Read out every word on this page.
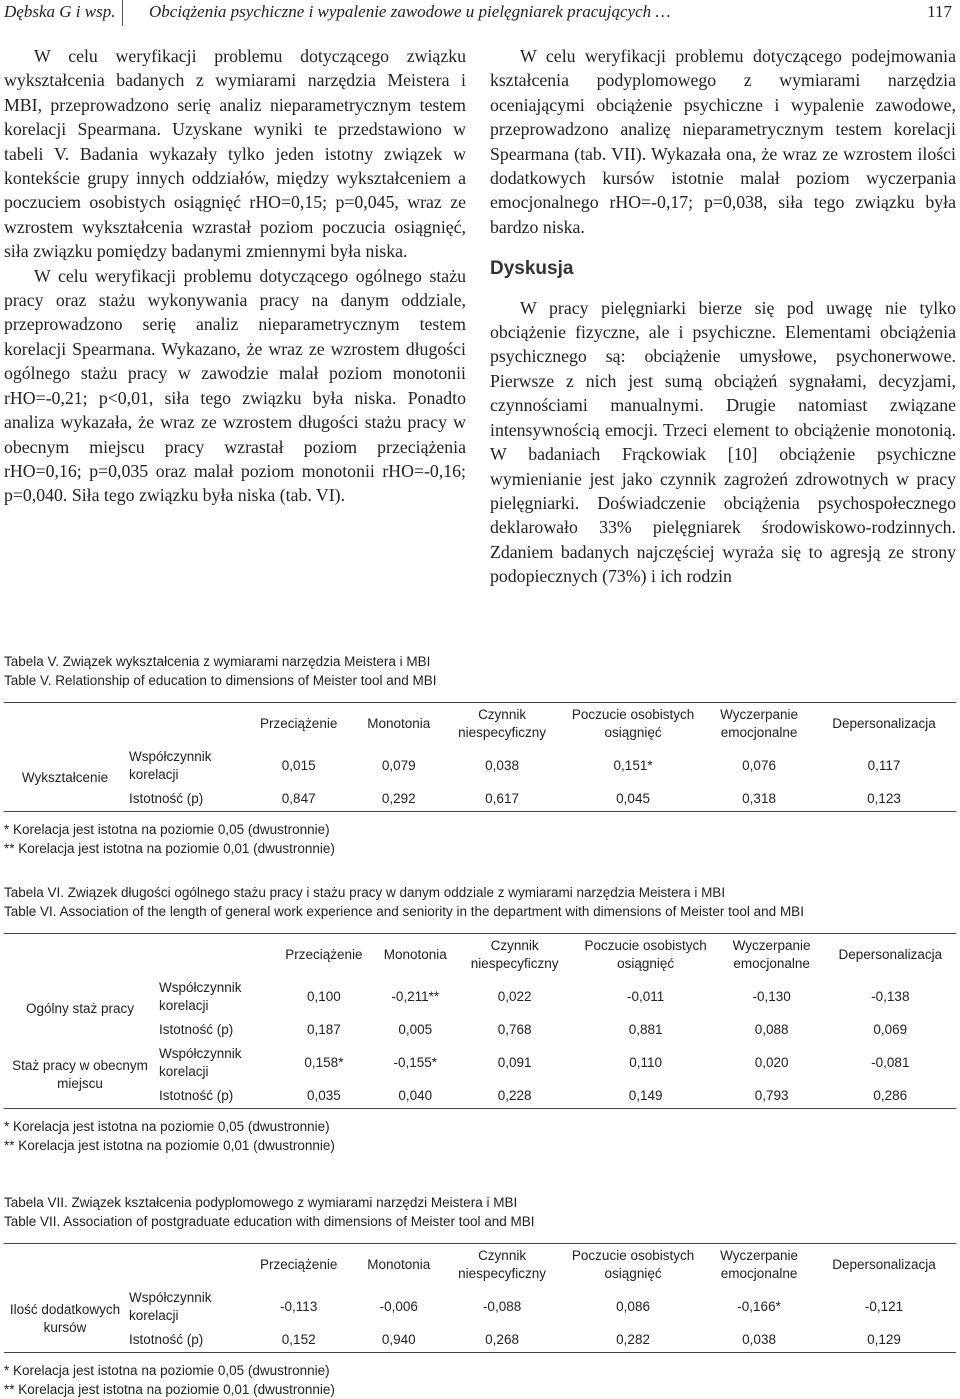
Dębska G i wsp. Obciążenia psychiczne i wypalenie zawodowe u pielęgniarek pracujących …	117

W celu weryfikacji problemu dotyczącego związku wykształcenia badanych z wymiarami narzędzia Meistera i MBI, przeprowadzono serię analiz nieparametrycznym testem korelacji Spearmana. Uzyskane wyniki te przedstawiono w tabeli V. Badania wykazały tylko jeden istotny związek w kontekście grupy innych oddziałów, między wykształceniem a poczuciem osobistych osiągnięć rHO=0,15; p=0,045, wraz ze wzrostem wykształcenia wzrastał poziom poczucia osiągnięć, siła związku pomiędzy badanymi zmiennymi była niska.

W celu weryfikacji problemu dotyczącego ogólnego stażu pracy oraz stażu wykonywania pracy na danym oddziale, przeprowadzono serię analiz nieparametrycznym testem korelacji Spearmana. Wykazano, że wraz ze wzrostem długości ogólnego stażu pracy w zawodzie malał poziom monotonii rHO=-0,21; p<0,01, siła tego związku była niska. Ponadto analiza wykazała, że wraz ze wzrostem długości stażu pracy w obecnym miejscu pracy wzrastał poziom przeciążenia rHO=0,16; p=0,035 oraz malał poziom monotonii rHO=-0,16; p=0,040. Siła tego związku była niska (tab. VI).

W celu weryfikacji problemu dotyczącego podejmowania kształcenia podyplomowego z wymiarami narzędzia oceniającymi obciążenie psychiczne i wypalenie zawodowe, przeprowadzono analizę nieparametrycznym testem korelacji Spearmana (tab. VII). Wykazała ona, że wraz ze wzrostem ilości dodatkowych kursów istotnie malał poziom wyczerpania emocjonalnego rHO=-0,17; p=0,038, siła tego związku była bardzo niska.

Dyskusja

W pracy pielęgniarki bierze się pod uwagę nie tylko obciążenie fizyczne, ale i psychiczne. Elementami obciążenia psychicznego są: obciążenie umysłowe, psychonerwowe. Pierwsze z nich jest sumą obciążeń sygnałami, decyzjami, czynnościami manualnymi. Drugie natomiast związane intensywnością emocji. Trzeci element to obciążenie monotonią. W badaniach Frąckowiak [10] obciążenie psychiczne wymienianie jest jako czynnik zagrożeń zdrowotnych w pracy pielęgniarki. Doświadczenie obciążenia psychospołecznego deklarowało 33% pielęgniarek środowiskowo-rodzinnych. Zdaniem badanych najczęściej wyraża się to agresją ze strony podopiecznych (73%) i ich rodzin

Tabela V. Związek wykształcenia z wymiarami narzędzia Meistera i MBI
Table V. Relationship of education to dimensions of Meister tool and MBI
		Przeciążenie	Monotonia	Czynnik niespecyficzny	Poczucie osobistych osiągnięć	Wyczerpanie emocjonalne	Depersonalizacja
Wykształcenie	Współczynnik korelacji	0,015	0,079	0,038	0,151*	0,076	0,117
	Istotność (p)	0,847	0,292	0,617	0,045	0,318	0,123
* Korelacja jest istotna na poziomie 0,05 (dwustronnie)
** Korelacja jest istotna na poziomie 0,01 (dwustronnie)
Tabela VI. Związek długości ogólnego stażu pracy i stażu pracy w danym oddziale z wymiarami narzędzia Meistera i MBI
Table VI. Association of the length of general work experience and seniority in the department with dimensions of Meister tool and MBI
		Przeciążenie	Monotonia	Czynnik niespecyficzny	Poczucie osobistych osiągnięć	Wyczerpanie emocjonalne	Depersonalizacja
Ogólny staż pracy	Współczynnik korelacji	0,100	-0,211**	0,022	-0,011	-0,130	-0,138
	Istotność (p)	0,187	0,005	0,768	0,881	0,088	0,069
Staż pracy w obecnym miejscu	Współczynnik korelacji	0,158*	-0,155*	0,091	0,110	0,020	-0,081
	Istotność (p)	0,035	0,040	0,228	0,149	0,793	0,286
* Korelacja jest istotna na poziomie 0,05 (dwustronnie)
** Korelacja jest istotna na poziomie 0,01 (dwustronnie)
Tabela VII. Związek kształcenia podyplomowego z wymiarami narzędzi Meistera i MBI
Table VII. Association of postgraduate education with dimensions of Meister tool and MBI
		Przeciążenie	Monotonia	Czynnik niespecyficzny	Poczucie osobistych osiągnięć	Wyczerpanie emocjonalne	Depersonalizacja
Ilość dodatkowych kursów	Współczynnik korelacji	-0,113	-0,006	-0,088	0,086	-0,166*	-0,121
	Istotność (p)	0,152	0,940	0,268	0,282	0,038	0,129
* Korelacja jest istotna na poziomie 0,05 (dwustronnie)
** Korelacja jest istotna na poziomie 0,01 (dwustronnie)
